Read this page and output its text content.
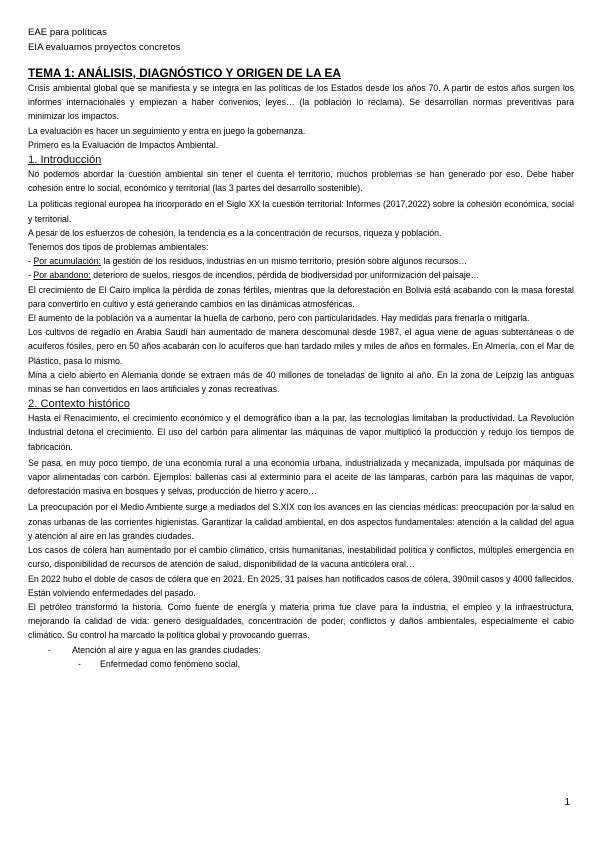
EAE para políticas
EIA evaluamos proyectos concretos
TEMA 1: ANÁLISIS, DIAGNÓSTICO Y ORIGEN DE LA EA

Crisis ambiental global que se manifiesta y se integra en las políticas de los Estados desde los años 70. A partir de estos años surgen los informes internacionales y empiezan a haber convenios, leyes… (la población lo reclama). Se desarrollan normas preventivas para minimizar los impactos.

La evaluación es hacer un seguimiento y entra en juego la gobernanza.

Primero es la Evaluación de Impactos Ambiental.

1. Introducción

No podemos abordar la cuestión ambiental sin tener el cuenta el territorio, muchos problemas se han generado por eso. Debe haber cohesión entre lo social, económico y territorial (las 3 partes del desarrollo sostenible).

La políticas regional europea ha incorporado en el Siglo XX la cuestión territorial: Informes (2017,2022) sobre la cohesión económica, social y territorial.

A pesar de los esfuerzos de cohesión, la tendencia es a la concentración de recursos, riqueza y población.

Tenemos dos tipos de problemas ambientales:

- Por acumulación: la gestión de los residuos, industrias en un mismo territorio, presión sobre algunos recursos…

- Por abandono: deterioro de suelos, riesgos de incendios, pérdida de biodiversidad por uniformización del paisaje…

El crecimiento de El Cairo implica la pérdida de zonas fértiles, mientras que la deforestación en Bolivia está acabando con la masa forestal para convertirlo en cultivo y está generando cambios en las dinámicas atmosféricas.

El aumento de la población va a aumentar la huella de carbono, pero con particularidades. Hay medidas para frenarla o mitigarla.

Los cultivos de regadío en Arabia Saudí han aumentado de manera descomunal desde 1987, el agua viene de aguas subterráneas o de acuíferos fósiles, pero en 50 años acabarán con lo acuíferos que han tardado miles y miles de años en formales. En Almería, con el Mar de Plástico, pasa lo mismo.

Mina a cielo abierto en Alemania donde se extraen más de 40 millones de toneladas de lignito al año. En la zona de Leipzig las antiguas minas se han convertidos en laos artificiales y zonas recreativas.

2. Contexto histórico

Hasta el Renacimiento, el crecimiento económico y el demográfico iban a la par, las tecnologías limitaban la productividad. La Revolución Industrial detona el crecimiento. El uso del carbón para alimentar las máquinas de vapor multiplicó la producción y redujo los tiempos de fabricación.

Se pasa, en muy poco tiempo, de una economía rural a una economía urbana, industrializada y mecanizada, impulsada por máquinas de vapor alimentadas con carbón. Ejemplos: ballenas casi al exterminio para el aceite de las lámparas, carbón para las máquinas de vapor, deforestación masiva en bosques y selvas, producción de hierro y acero…

La preocupación por el Medio Ambiente surge a mediados del S.XIX con los avances en las ciencias médicas: preocupación por la salud en zonas urbanas de las corrientes higienistas. Garantizar la calidad ambiental, en dos aspectos fundamentales: atención a la calidad del agua y atención al aire en las grandes ciudades.

Los casos de cólera han aumentado por el cambio climático, crisis humanitarias, inestabilidad política y conflictos, múltiples emergencia en curso, disponibilidad de recursos de atención de salud, disponibilidad de la vacuna anticólera oral…

En 2022 hubo el doble de casos de cólera que en 2021. En 2025, 31 países han notificados casos de cólera, 390mil casos y 4000 fallecidos.

Están volviendo enfermedades del pasado.

El petróleo transformó la historia. Como fuente de energía y materia prima fue clave para la industria, el empleo y la infraestructura, mejorando la calidad de vida: generó desigualdades, concentración de poder, conflictos y daños ambientales, especialmente el cabio climático. Su control ha marcado la política global y provocando guerras.

- Atención al aire y agua en las grandes ciudades:
- Enfermedad como fenómeno social,
1
